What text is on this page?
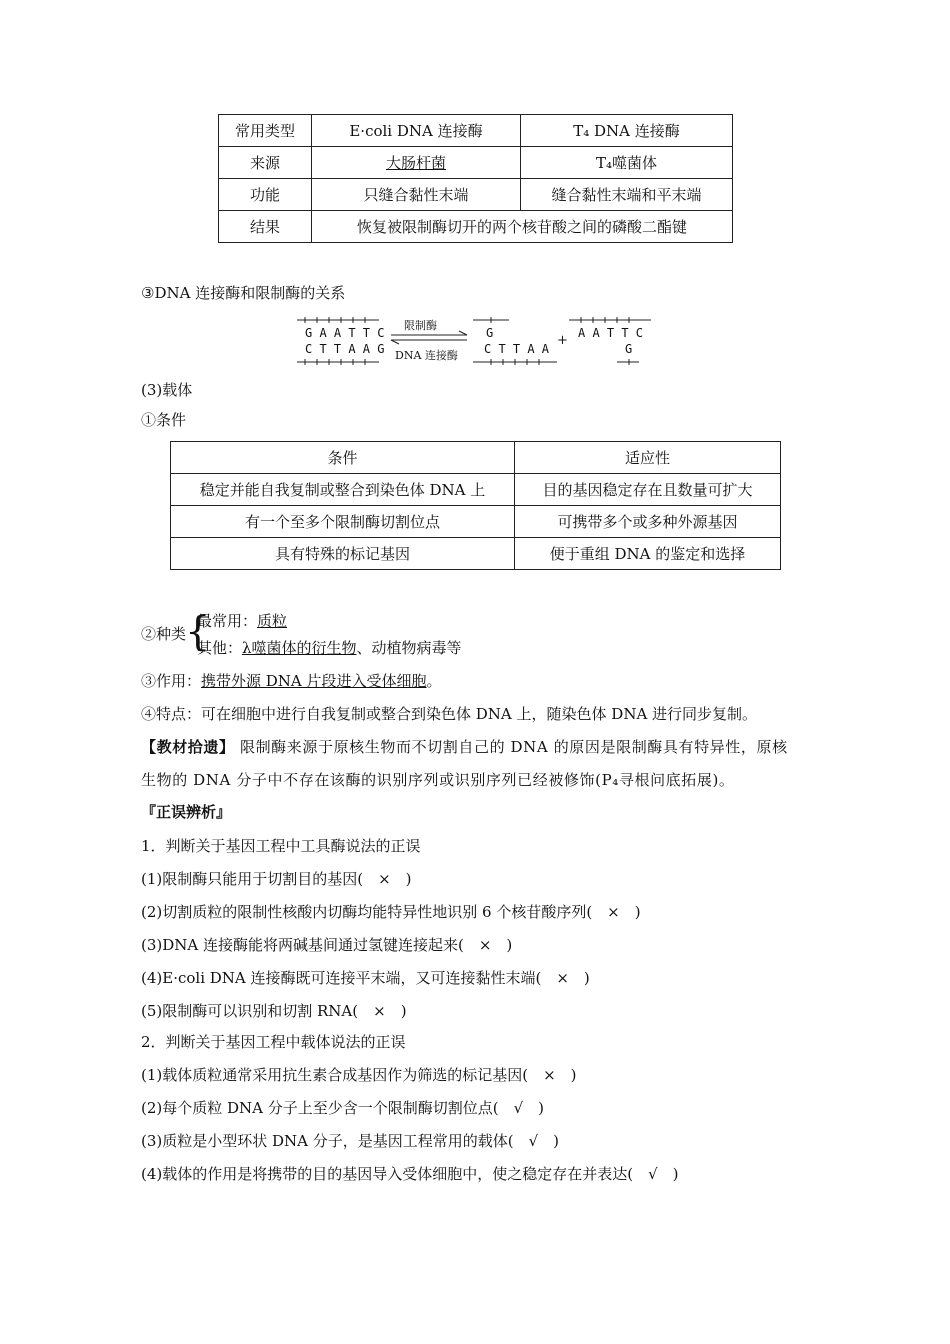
常用类型	E·coli DNA 连接酶	T₄ DNA 连接酶
来源	大肠杆菌	T₄噬菌体
功能	只缝合黏性末端	缝合黏性末端和平末端
结果	恢复被限制酶切开的两个核苷酸之间的磷酸二酯键	
③DNA 连接酶和限制酶的关系
G A A T T C
C T T A A G
限制酶
DNA 连接酶
G
C T T A A
+ A A T T C
G
(3)载体
①条件
条件	适应性
稳定并能自我复制或整合到染色体 DNA 上	目的基因稳定存在且数量可扩大
有一个至多个限制酶切割位点	可携带多个或多种外源基因
具有特殊的标记基因	便于重组 DNA 的鉴定和选择
②种类
{
最常用：质粒
其他：λ噬菌体的衍生物、动植物病毒等
③作用：携带外源 DNA 片段进入受体细胞。
④特点：可在细胞中进行自我复制或整合到染色体 DNA 上，随染色体 DNA 进行同步复制。
【教材拾遗】 限制酶来源于原核生物而不切割自己的 DNA 的原因是限制酶具有特异性，原核
生物的 DNA 分子中不存在该酶的识别序列或识别序列已经被修饰(P₄寻根问底拓展)。
『正误辨析』
1．判断关于基因工程中工具酶说法的正误
(1)限制酶只能用于切割目的基因(　×　)
(2)切割质粒的限制性核酸内切酶均能特异性地识别 6 个核苷酸序列(　×　)
(3)DNA 连接酶能将两碱基间通过氢键连接起来(　×　)
(4)E·coli DNA 连接酶既可连接平末端，又可连接黏性末端(　×　)
(5)限制酶可以识别和切割 RNA(　×　)
2．判断关于基因工程中载体说法的正误
(1)载体质粒通常采用抗生素合成基因作为筛选的标记基因(　×　)
(2)每个质粒 DNA 分子上至少含一个限制酶切割位点(　√　)
(3)质粒是小型环状 DNA 分子，是基因工程常用的载体(　√　)
(4)载体的作用是将携带的目的基因导入受体细胞中，使之稳定存在并表达(　√　)
